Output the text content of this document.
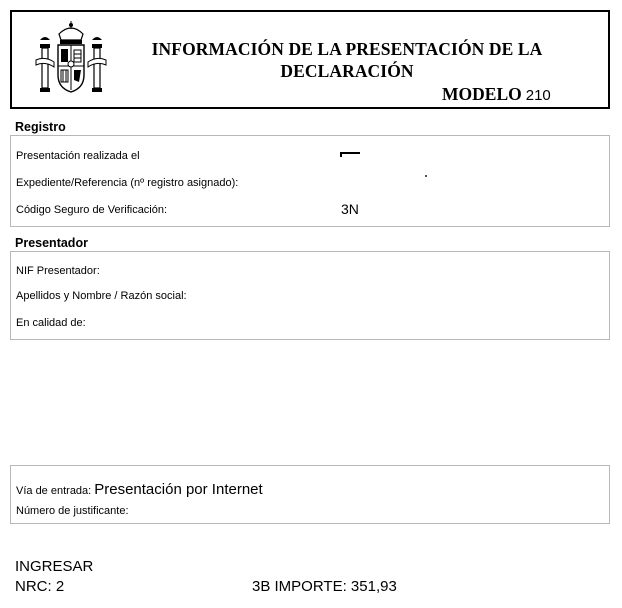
INFORMACIÓN DE LA PRESENTACIÓN DE LA
DECLARACIÓN
MODELO 210
Registro
Presentación realizada el
Expediente/Referencia (nº registro asignado):
Código Seguro de Verificación:	3N
Presentador
NIF Presentador:
Apellidos y Nombre / Razón social:
En calidad de:
Vía de entrada: Presentación por Internet
Número de justificante:
INGRESAR
NRC: 2	3B IMPORTE: 351,93
